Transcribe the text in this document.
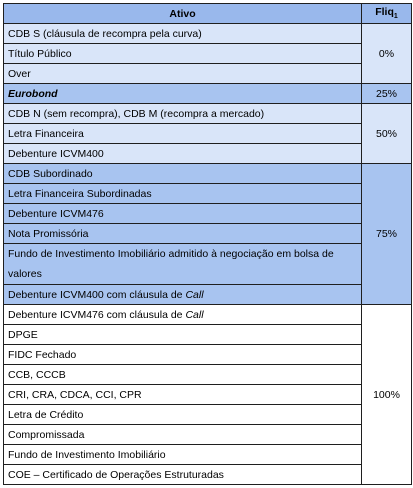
Ativo	Fliq$_1$
CDB S (cláusula de recompra pela curva)	0%
Título Público	
Over	
Eurobond	25%
CDB N (sem recompra), CDB M (recompra a mercado)	50%
Letra Financeira	
Debenture ICVM400	
CDB Subordinado	75%
Letra Financeira Subordinadas	
Debenture ICVM476	
Nota Promissória	
Fundo de Investimento Imobiliário admitido à negociação em bolsa de valores	
Debenture ICVM400 com cláusula de Call	
Debenture ICVM476 com cláusula de Call	100%
DPGE	
FIDC Fechado	
CCB, CCCB	
CRI, CRA, CDCA, CCI, CPR	
Letra de Crédito	
Compromissada	
Fundo de Investimento Imobiliário	
COE – Certificado de Operações Estruturadas	
